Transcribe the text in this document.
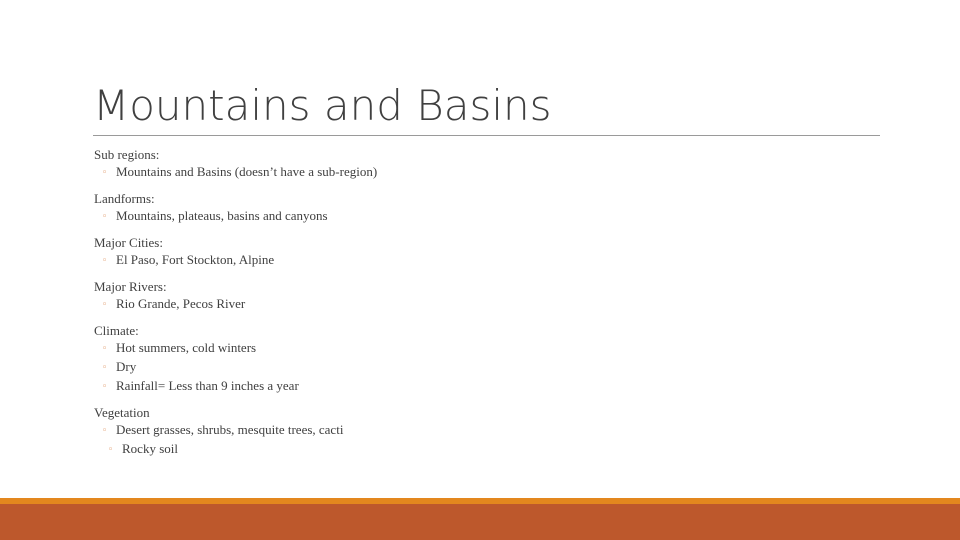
Mountains and Basins
Sub regions:
◦ Mountains and Basins (doesn’t have a sub-region)
Landforms:
◦ Mountains, plateaus, basins and canyons
Major Cities:
◦ El Paso, Fort Stockton, Alpine
Major Rivers:
◦ Rio Grande, Pecos River
Climate:
◦ Hot summers, cold winters
◦ Dry
◦ Rainfall= Less than 9 inches a year
Vegetation
◦ Desert grasses, shrubs, mesquite trees, cacti
◦ Rocky soil
